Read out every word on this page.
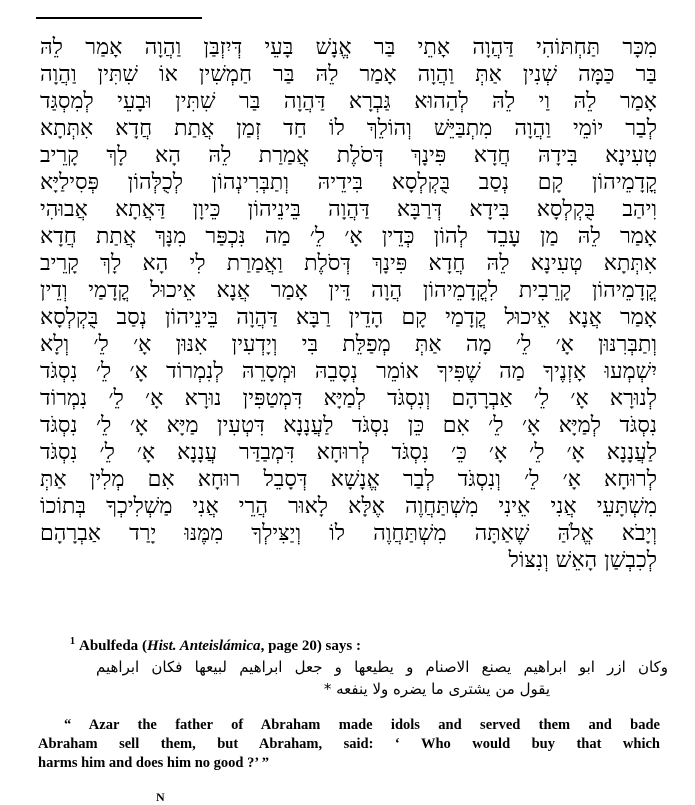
מִכָּר תַּחְתּוֹהִי דַּהֲוָה אָתֵי בַּר אֱנָשׁ בָּעֵי דְּיִזְבַּן וַהֲוָה אָמַר לֵהּ
בַּר כַּמָּה שְׁנִין אַתְּ וַהֲוָה אָמַר לֵהּ בַּר חַמְשִׁין אוֹ שִׁתִּין וַהֲוָה
אָמַר לֵהּ וַי לֵהּ לְהַהוּא גַּבְרָא דַּהֲוָה בַּר שִׁתִּין וּבָעֵי לְמִסְגַּד
לְבַר יוֹמֵי וַהֲוָה מִתְבַּיֵּשׁ וְהוֹלֵךְ לוֹ חַד זְמַן אֲתַת חֲדָא אִתְּתָא
טְעִינָא בִּידָהּ חֲדָא פִּינָךְ דְּסֹלֶת אֲמַרַת לֵהּ הָא לָךְ קָרֵיב
קֳדָמֵיהוֹן קָם נְסַב בֻּקְלְסָא בִּידֵיהּ וְתַבְּרִינְהוֹן לְכֻלְּהוֹן פְּסִילַיָּא
וִיהַב בֻּקְלְסָא בִּידָא דְּרַבָּא דַּהֲוָה בֵּינֵיהוֹן כֵּיוָן דַּאֲתָא אֲבוּהִי
אָמַר לֵהּ מַן עָבֵד לְהוֹן כְּדֵין אָ׳ לֵ׳ מַה נִּכְפַּר מִנָּךְ אֲתַת חֲדָא
אִתְּתָא טְעִינָא לֵהּ חֲדָא פִּינָךְ דְּסֹלֶת וַאֲמַרַת לִי הָא לָךְ קָרֵיב
קֳדָמֵיהוֹן קָרֵבִית לִקֳדָמֵיהוֹן הֲוָה דֵּין אָמַר אֲנָא אֵיכוּל קֳדָמַי וְדֵין
אָמַר אֲנָא אֵיכוּל קֳדָמַי קָם הָדֵין רַבָּא דַּהֲוָה בֵּינֵיהוֹן נְסַב בֻּקְלְסָא
וְתַבְּרִנּוּן אָ׳ לֵ׳ מָה אַתְּ מְפַלֵּת בִּי וְיָדְעִין אִנּוּן אָ׳ לֵ׳ וְלָא
יִשְׁמְעוּ אָזְנֶיךָ מַה שֶׁפִּיךָ אוֹמֵר נְסָבֵהּ וּמְסָרֵהּ לְנִמְרוֹד אָ׳ לֵ׳ נִסְגֹּד
לְנוּרָא אָ׳ לֵ׳ אַבְרָהָם וְנִסְגֹּד לְמַיָּא דִּמְטַפִּין נוּרָא אָ׳ לֵ׳ נִמְרוֹד
נִסְגֹּד לְמַיָּא אָ׳ לֵ׳ אִם כֵּן נִסְגֹּד לַעֲנָנָא דִּטְעִין מַיָּא אָ׳ לֵ׳ נִסְגֹּד
לַעֲנָנָא אָ׳ לֵ׳ אָ׳ כֵּ׳ נִסְגֹּד לְרוּחָא דִּמְבַדַּר עֲנָנָא אָ׳ לֵ׳ נִסְגֹּד
לְרוּחָא אָ׳ לֵ׳ וְנִסְגֹּד לְבַר אֱנָשָׁא דְּסָבֵל רוּחָא אִם מְלִין אַתְּ
מִשְׁתָּעֵי אֲנִי אֵינִי מִשְׁתַּחֲוֶה אֶלָּא לָאוּר הֲרֵי אֲנִי מַשְׁלִיכְךָ בְּתוֹכוֹ
וְיָבֹא אֱלֹהַּ שֶׁאַתָּה מִשְׁתַּחֲוֶה לוֹ וְיַצִּילְךָ מִמֶּנּוּ יָרַד אַבְרָהָם
לְכִבְשַׁן הָאֵשׁ וְנִצּוֹל
$^1$ Abulfeda (Hist. Anteislámica, page 20) says :
وكان ازر ابو ابراهيم يصنع الاصنام و يطيعها و جعل ابراهيم لبيعها فكان ابراهيم
يقول من يشترى ما يضره ولا ينفعه *
“ Azar the father of Abraham made idols and served them and bade
Abraham sell them, but Abraham, said: ‘ Who would buy that which
harms him and does him no good ?’ ”
N
